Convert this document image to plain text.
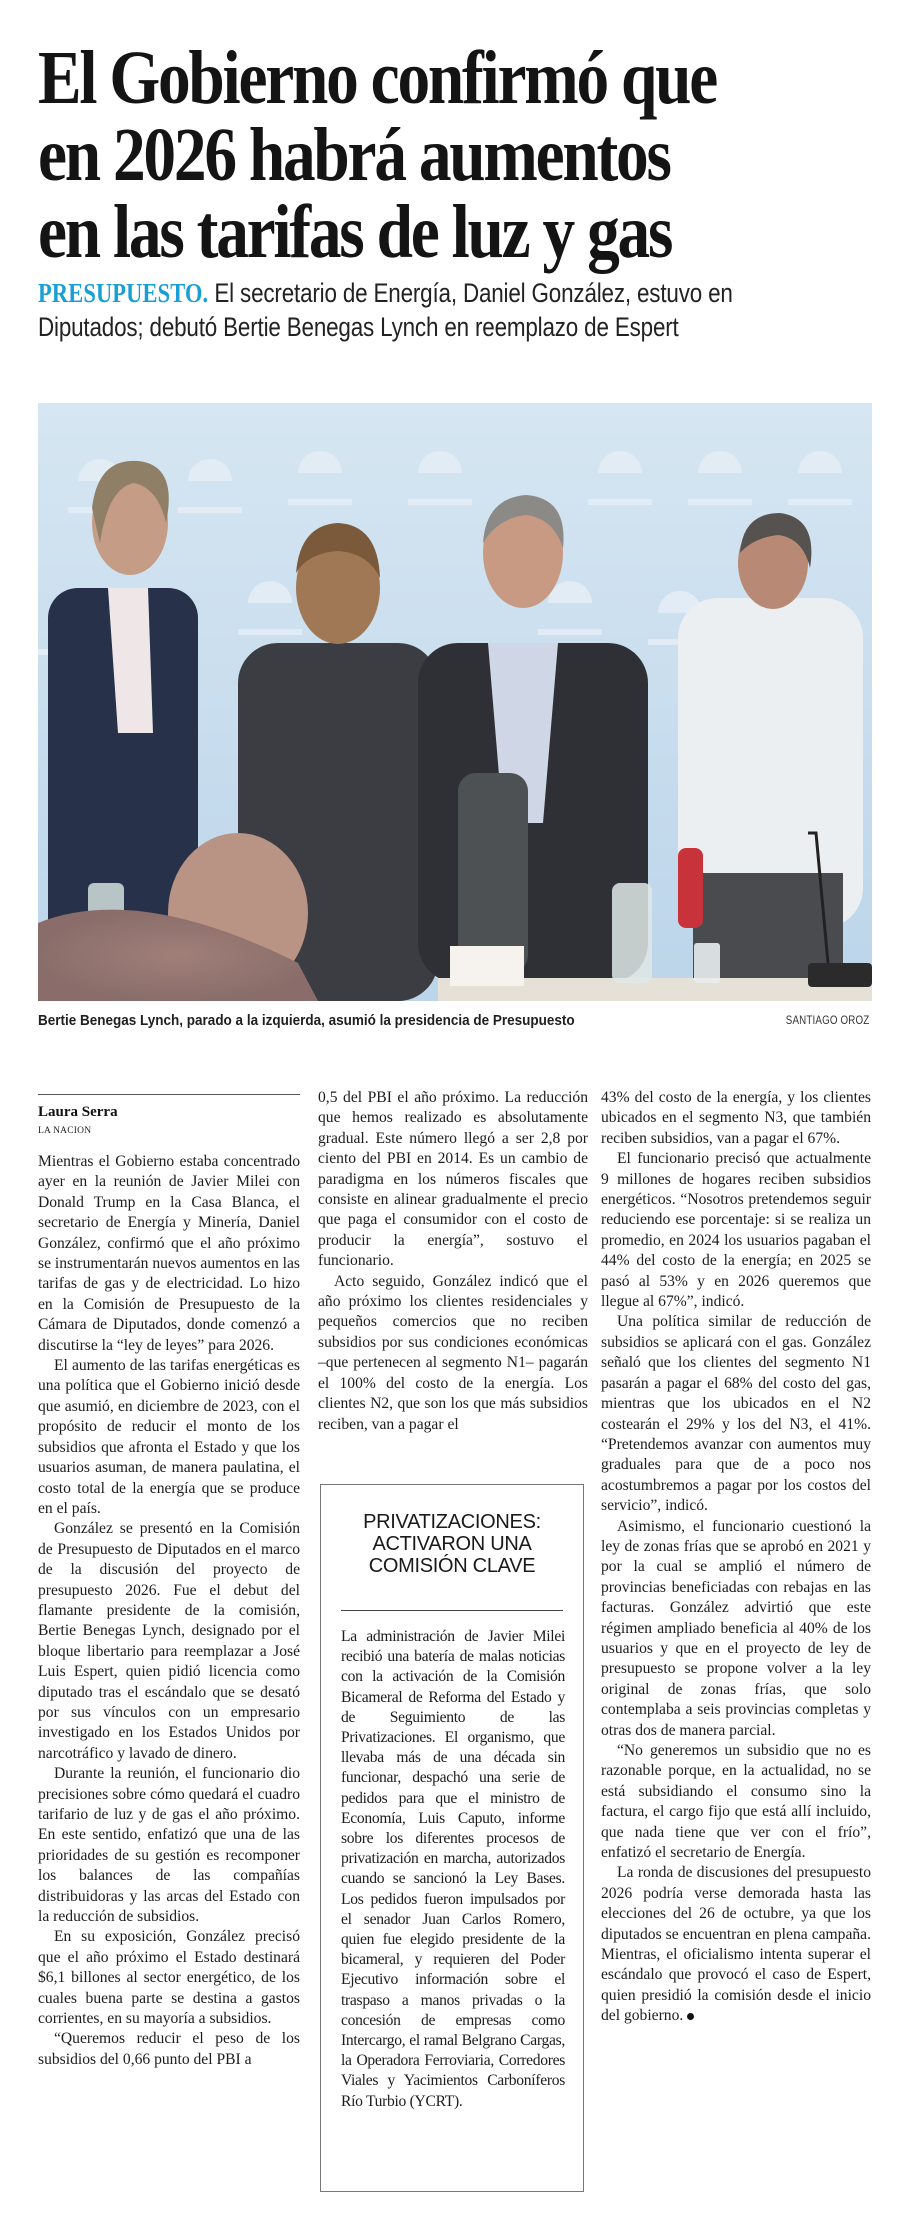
El Gobierno confirmó que
en 2026 habrá aumentos
en las tarifas de luz y gas
PRESUPUESTO. El secretario de Energía, Daniel González, estuvo en
Diputados; debutó Bertie Benegas Lynch en reemplazo de Espert
Bertie Benegas Lynch, parado a la izquierda, asumió la presidencia de Presupuesto	SANTIAGO OROZ
Laura Serra
LA NACION

Mientras el Gobierno estaba concentrado ayer en la reunión de Javier Milei con Donald Trump en la Casa Blanca, el secretario de Energía y Minería, Daniel González, confirmó que el año próximo se instrumentarán nuevos aumentos en las tarifas de gas y de electricidad. Lo hizo en la Comisión de Presupuesto de la Cámara de Diputados, donde comenzó a discutirse la “ley de leyes” para 2026.

El aumento de las tarifas energéticas es una política que el Gobierno inició desde que asumió, en diciembre de 2023, con el propósito de reducir el monto de los subsidios que afronta el Estado y que los usuarios asuman, de manera paulatina, el costo total de la energía que se produce en el país.

González se presentó en la Comisión de Presupuesto de Diputados en el marco de la discusión del proyecto de presupuesto 2026. Fue el debut del flamante presidente de la comisión, Bertie Benegas Lynch, designado por el bloque libertario para reemplazar a José Luis Espert, quien pidió licencia como diputado tras el escándalo que se desató por sus vínculos con un empresario investigado en los Estados Unidos por narcotráfico y lavado de dinero.

Durante la reunión, el funcionario dio precisiones sobre cómo quedará el cuadro tarifario de luz y de gas el año próximo. En este sentido, enfatizó que una de las prioridades de su gestión es recomponer los balances de las compañías distribuidoras y las arcas del Estado con la reducción de subsidios.

En su exposición, González precisó que el año próximo el Estado destinará $6,1 billones al sector energético, de los cuales buena parte se destina a gastos corrientes, en su mayoría a subsidios.

“Queremos reducir el peso de los subsidios del 0,66 punto del PBI a

0,5 del PBI el año próximo. La reducción que hemos realizado es absolutamente gradual. Este número llegó a ser 2,8 por ciento del PBI en 2014. Es un cambio de paradigma en los números fiscales que consiste en alinear gradualmente el precio que paga el consumidor con el costo de producir la energía”, sostuvo el funcionario.

Acto seguido, González indicó que el año próximo los clientes residenciales y pequeños comercios que no reciben subsidios por sus condiciones económicas –que pertenecen al segmento N1– pagarán el 100% del costo de la energía. Los clientes N2, que son los que más subsidios reciben, van a pagar el

PRIVATIZACIONES:
ACTIVARON UNA
COMISIÓN CLAVE
La administración de Javier Milei recibió una batería de malas noticias con la activación de la Comisión Bicameral de Reforma del Estado y de Seguimiento de las Privatizaciones. El organismo, que llevaba más de una década sin funcionar, despachó una serie de pedidos para que el ministro de Economía, Luis Caputo, informe sobre los diferentes procesos de privatización en marcha, autorizados cuando se sancionó la Ley Bases. Los pedidos fueron impulsados por el senador Juan Carlos Romero, quien fue elegido presidente de la bicameral, y requieren del Poder Ejecutivo información sobre el traspaso a manos privadas o la concesión de empresas como Intercargo, el ramal Belgrano Cargas, la Operadora Ferroviaria, Corredores Viales y Yacimientos Carboníferos Río Turbio (YCRT).

43% del costo de la energía, y los clientes ubicados en el segmento N3, que también reciben subsidios, van a pagar el 67%.

El funcionario precisó que actualmente 9 millones de hogares reciben subsidios energéticos. “Nosotros pretendemos seguir reduciendo ese porcentaje: si se realiza un promedio, en 2024 los usuarios pagaban el 44% del costo de la energía; en 2025 se pasó al 53% y en 2026 queremos que llegue al 67%”, indicó.

Una política similar de reducción de subsidios se aplicará con el gas. González señaló que los clientes del segmento N1 pasarán a pagar el 68% del costo del gas, mientras que los ubicados en el N2 costearán el 29% y los del N3, el 41%. “Pretendemos avanzar con aumentos muy graduales para que de a poco nos acostumbremos a pagar por los costos del servicio”, indicó.

Asimismo, el funcionario cuestionó la ley de zonas frías que se aprobó en 2021 y por la cual se amplió el número de provincias beneficiadas con rebajas en las facturas. González advirtió que este régimen ampliado beneficia al 40% de los usuarios y que en el proyecto de ley de presupuesto se propone volver a la ley original de zonas frías, que solo contemplaba a seis provincias completas y otras dos de manera parcial.

“No generemos un subsidio que no es razonable porque, en la actualidad, no se está subsidiando el consumo sino la factura, el cargo fijo que está allí incluido, que nada tiene que ver con el frío”, enfatizó el secretario de Energía.

La ronda de discusiones del presupuesto 2026 podría verse demorada hasta las elecciones del 26 de octubre, ya que los diputados se encuentran en plena campaña. Mientras, el oficialismo intenta superar el escándalo que provocó el caso de Espert, quien presidió la comisión desde el inicio del gobierno.
